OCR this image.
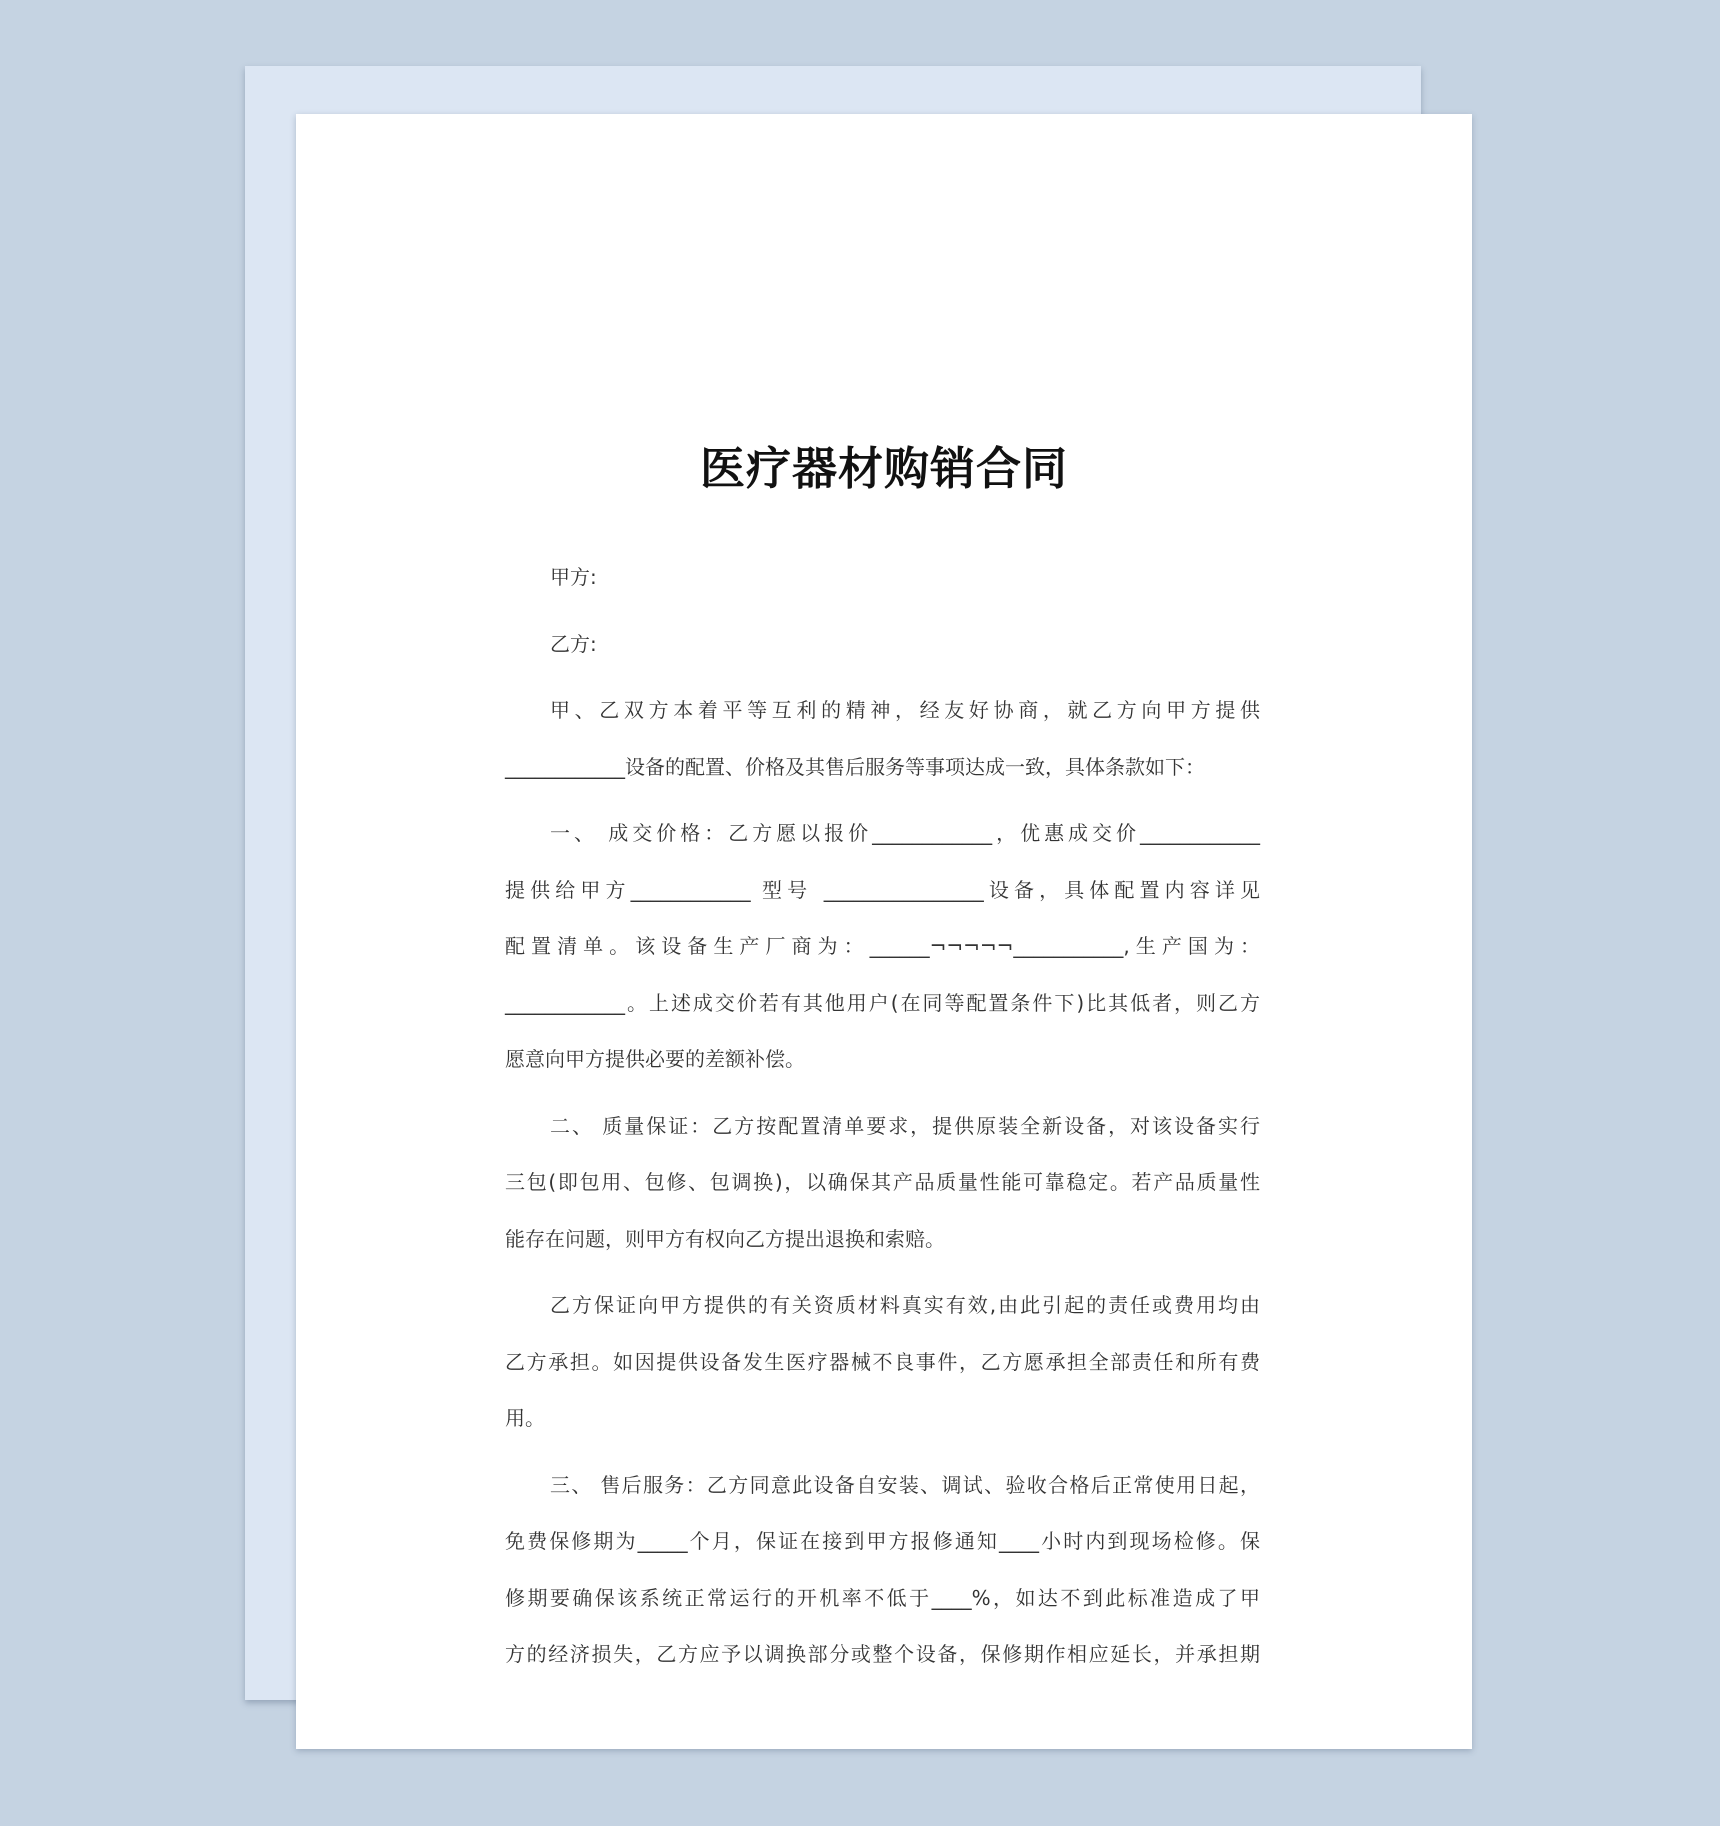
医疗器材购销合同
甲方:
乙方:
甲、乙双方本着平等互利的精神，经友好协商，就乙方向甲方提供
____________设备的配置、价格及其售后服务等事项达成一致，具体条款如下：
一、 成交价格：乙方愿以报价____________，优惠成交价____________
提供给甲方____________ 型号 ________________设备，具体配置内容详见
配置清单。该设备生产厂商为：______¬¬¬¬¬___________,生产国为：
____________。上述成交价若有其他用户(在同等配置条件下)比其低者，则乙方
愿意向甲方提供必要的差额补偿。
二、 质量保证：乙方按配置清单要求，提供原装全新设备，对该设备实行
三包(即包用、包修、包调换)，以确保其产品质量性能可靠稳定。若产品质量性
能存在问题，则甲方有权向乙方提出退换和索赔。
乙方保证向甲方提供的有关资质材料真实有效,由此引起的责任或费用均由
乙方承担。如因提供设备发生医疗器械不良事件，乙方愿承担全部责任和所有费
用。
三、 售后服务：乙方同意此设备自安装、调试、验收合格后正常使用日起，
免费保修期为_____个月，保证在接到甲方报修通知____小时内到现场检修。保
修期要确保该系统正常运行的开机率不低于____%，如达不到此标准造成了甲
方的经济损失，乙方应予以调换部分或整个设备，保修期作相应延长，并承担期
